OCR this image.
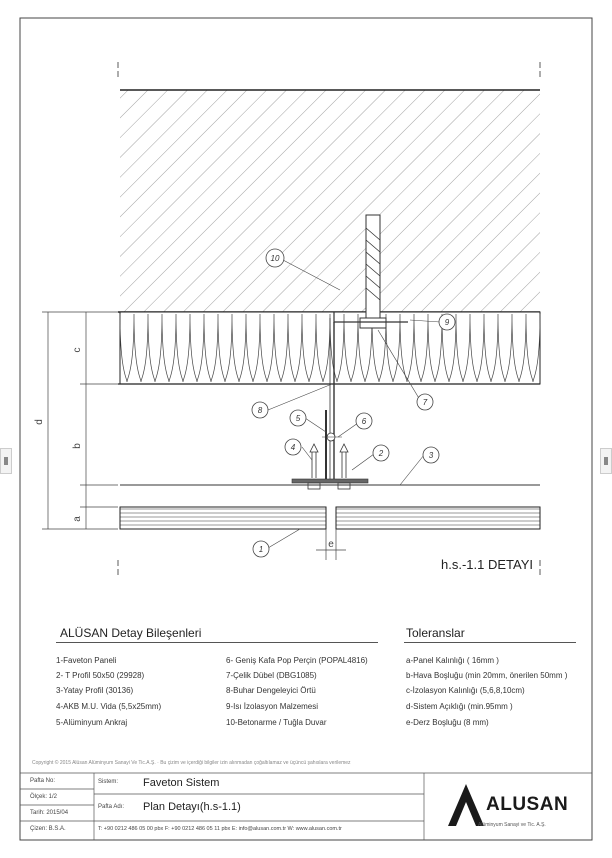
10
9
8
7
6
5
4
2	3
1
c
b
d
a
e
h.s.-1.1 DETAYI
ALÜSAN Detay Bileşenleri
1-Faveton Paneli
2- T Profil 50x50 (29928)
3-Yatay Profil (30136)
4-AKB M.U. Vida (5,5x25mm)
5-Alüminyum Ankraj
6- Geniş Kafa Pop Perçin (POPAL4816)
7-Çelik Dübel (DBG1085)
8-Buhar Dengeleyici Örtü
9-Isı İzolasyon Malzemesi
10-Betonarme / Tuğla Duvar
Toleranslar
a-Panel Kalınlığı ( 16mm )
b-Hava Boşluğu (min 20mm, önerilen 50mm )
c-İzolasyon Kalınlığı (5,6,8,10cm)
d-Sistem Açıklığı (min.95mm )
e-Derz Boşluğu (8 mm)
Copyright © 2015 Alüsan Alüminyum Sanayi Ve Tic.A.Ş. · Bu çizim ve içerdiği bilgiler izin alınmadan çoğaltılamaz ve üçüncü şahıslara verilemez
Pafta No:
Ölçek: 1/2
Tarih: 2015/04
Çizen: B.S.A.
Sistem: Faveton Sistem
Pafta Adı: Plan Detayı(h.s-1.1)
T: +90 0212 486 05 00 pbx F: +90 0212 486 05 11 pbx E: info@alusan.com.tr W: www.alusan.com.tr
ALUSAN
Alüminyum Sanayi ve Tic. A.Ş.
